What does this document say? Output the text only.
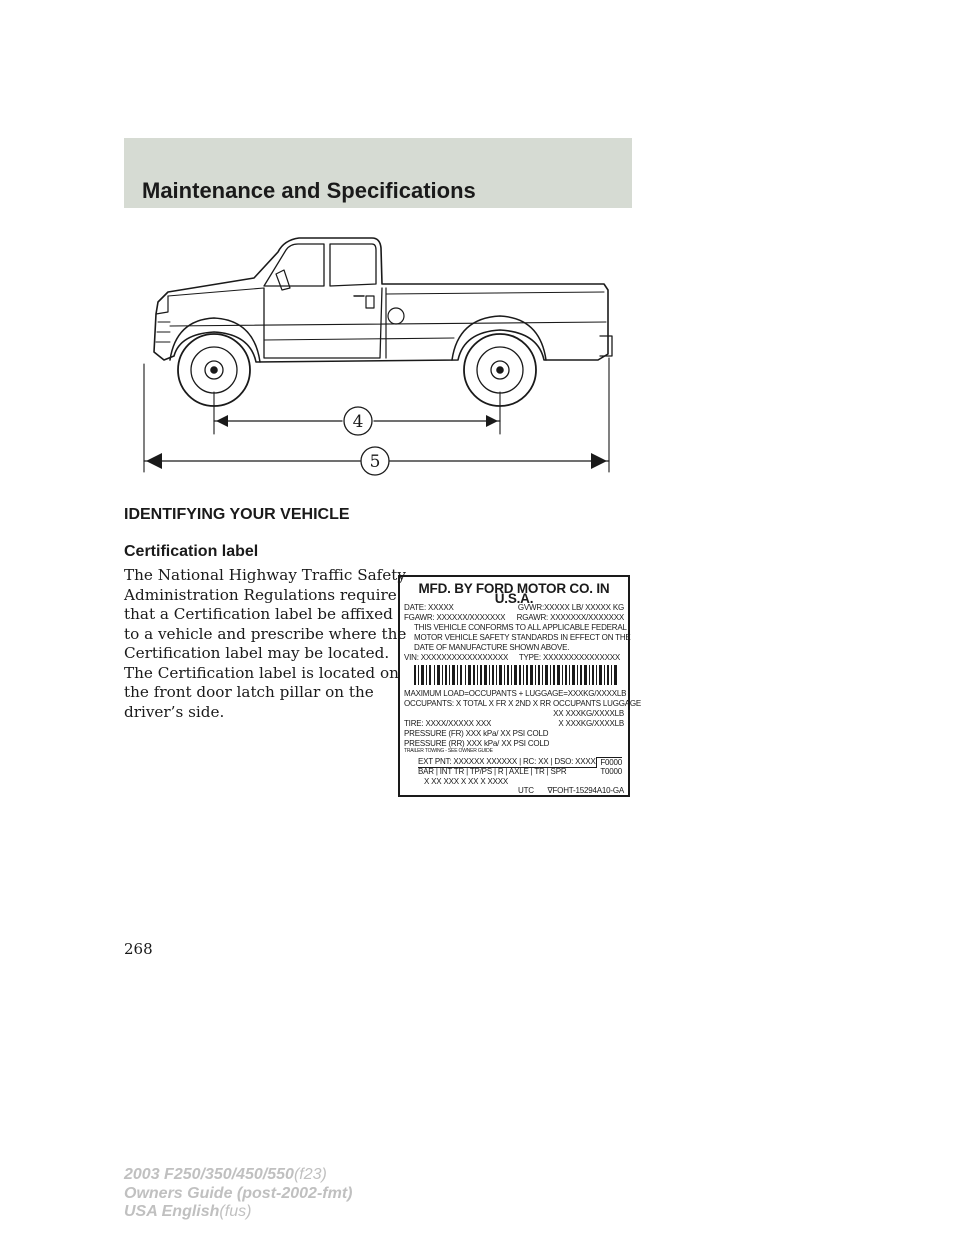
Maintenance and Specifications
4
5
IDENTIFYING YOUR VEHICLE
Certification label
The National Highway Traffic Safety
Administration Regulations require
that a Certification label be affixed
to a vehicle and prescribe where the
Certification label may be located.
The Certification label is located on
the front door latch pillar on the
driver’s side.
MFD. BY FORD MOTOR CO. IN U.S.A.
DATE: XXXXX	GVWR:XXXXX LB/ XXXXX KG
FGAWR: XXXXXX/XXXXXXX RGAWR: XXXXXXX/XXXXXXX
THIS VEHICLE CONFORMS TO ALL APPLICABLE FEDERAL
MOTOR VEHICLE SAFETY STANDARDS IN EFFECT ON THE
DATE OF MANUFACTURE SHOWN ABOVE.
VIN: XXXXXXXXXXXXXXXXX TYPE: XXXXXXXXXXXXXXX
MAXIMUM LOAD=OCCUPANTS + LUGGAGE=XXXKG/XXXXLB
OCCUPANTS: X TOTAL X FR X 2ND X RR OCCUPANTS LUGGAGE
XX XXXKG/XXXXLB
TIRE: XXXX/XXXXX XXX	X XXXKG/XXXXLB
PRESSURE (FR) XXX kPa/ XX PSI COLD
PRESSURE (RR) XXX kPa/ XX PSI COLD
TRAILER TOWING - SEE OWNER GUIDE
EXT PNT: XXXXXX XXXXXX | RC: XX | DSO: XXXX F0000
BAR | INT TR | TP/PS | R | AXLE | TR | SPR	T0000
X XX XXX X XX X XXXX
UTC ∇FOHT-15294A10-GA
268
2003 F250/350/450/550(f23)
Owners Guide (post-2002-fmt)
USA English(fus)
